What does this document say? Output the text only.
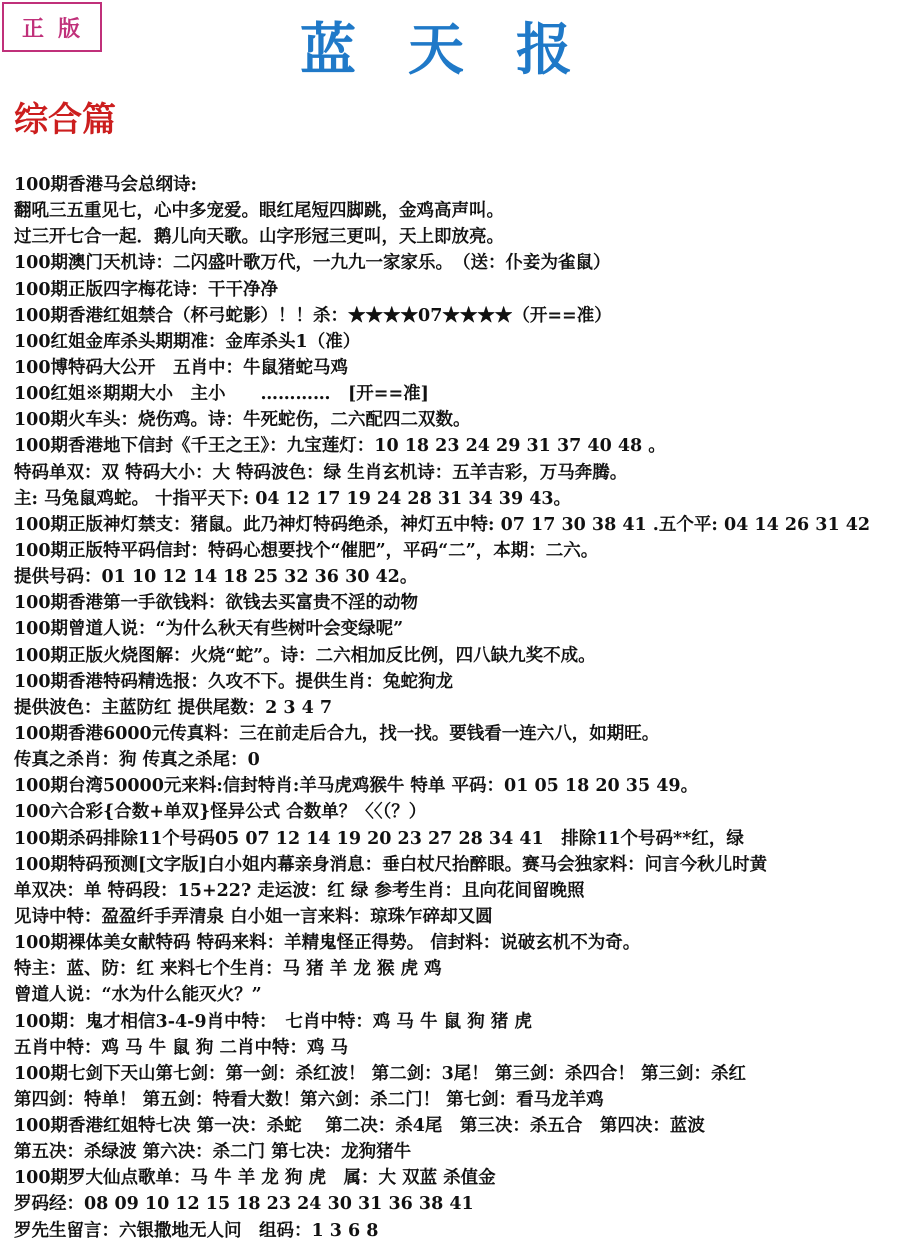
正版	蓝天报
综合篇
100期香港马会总纲诗:
翻吼三五重见七，心中多宠爱。眼红尾短四脚跳，金鸡高声叫。
过三开七合一起．鹅儿向天歌。山字形冠三更叫，天上即放亮。
100期澳门天机诗：二闪盛叶歌万代，一九九一家家乐。　（送：仆妾为雀鼠）
100期正版四字梅花诗：干干净净
100期香港红姐禁合（杯弓蛇影）！！杀：★★★★07★★★★（开==准）
100红姐金库杀头期期准：金库杀头1（准）
100博特码大公开　五肖中：牛鼠猪蛇马鸡
100红姐※期期大小　主小　　…………　[开==准]
100期火车头：烧伤鸡。诗：牛死蛇伤，二六配四二双数。
100期香港地下信封《千王之王》：九宝莲灯：10 18 23 24 29 31 37 40 48 。
特码单双：双 特码大小：大 特码波色：绿 生肖玄机诗：五羊吉彩，万马奔腾。
主: 马兔鼠鸡蛇。 十指平天下: 04 12 17 19 24 28 31 34 39 43。
100期正版神灯禁支：猪鼠。此乃神灯特码绝杀，神灯五中特: 07 17 30 38 41 .五个平: 04 14 26 31 42
100期正版特平码信封：特码心想要找个“催肥”，平码“二”，本期：二六。
提供号码：01 10 12 14 18 25 32 36 30 42。
100期香港第一手欲钱料：欲钱去买富贵不淫的动物
100期曾道人说：“为什么秋天有些树叶会变绿呢”
100期正版火烧图解：火烧“蛇”。诗：二六相加反比例，四八缺九奖不成。
100期香港特码精选报：久攻不下。提供生肖：兔蛇狗龙
提供波色：主蓝防红 提供尾数：2 3 4 7
100期香港6000元传真料：三在前走后合九，找一找。要钱看一连六八，如期旺。
传真之杀肖：狗 传真之杀尾：0
100期台湾50000元来料:信封特肖:羊马虎鸡猴牛 特单 平码：01 05 18 20 35 49。
100六合彩{合数+单双}怪异公式 合数单？〈〈（？）
100期杀码排除11个号码05 07 12 14 19 20 23 27 28 34 41　排除11个号码**红，绿
100期特码预测[文字版]白小姐内幕亲身消息：垂白杖尺抬醉眼。赛马会独家料：问言今秋儿时黄
单双决：单 特码段：15+22? 走运波：红 绿 参考生肖：且向花间留晚照
见诗中特：盈盈纤手弄清泉 白小姐一言来料：琼珠乍碎却又圆
100期裸体美女献特码 特码来料：羊精鬼怪正得势。 信封料：说破玄机不为奇。
特主：蓝、防：红 来料七个生肖：马 猪 羊 龙 猴 虎 鸡
曾道人说：“水为什么能灭火？”
100期：鬼才相信3-4-9肖中特：　七肖中特：鸡 马 牛 鼠 狗 猪 虎
五肖中特：鸡 马 牛 鼠 狗 二肖中特：鸡 马
100期七剑下天山第七剑：第一剑：杀红波！ 第二剑：3尾！ 第三剑：杀四合！ 第三剑：杀红
第四剑：特单！ 第五剑：特看大数！第六剑：杀二门！ 第七剑：看马龙羊鸡
100期香港红姐特七决 第一决：杀蛇　 第二决：杀4尾　第三决：杀五合　第四决：蓝波
第五决：杀绿波 第六决：杀二门 第七决：龙狗猪牛
100期罗大仙点歌单：马 牛 羊 龙 狗 虎　属：大 双蓝 杀值金
罗码经：08 09 10 12 15 18 23 24 30 31 36 38 41
罗先生留言：六银撒地无人问　组码：1 3 6 8
